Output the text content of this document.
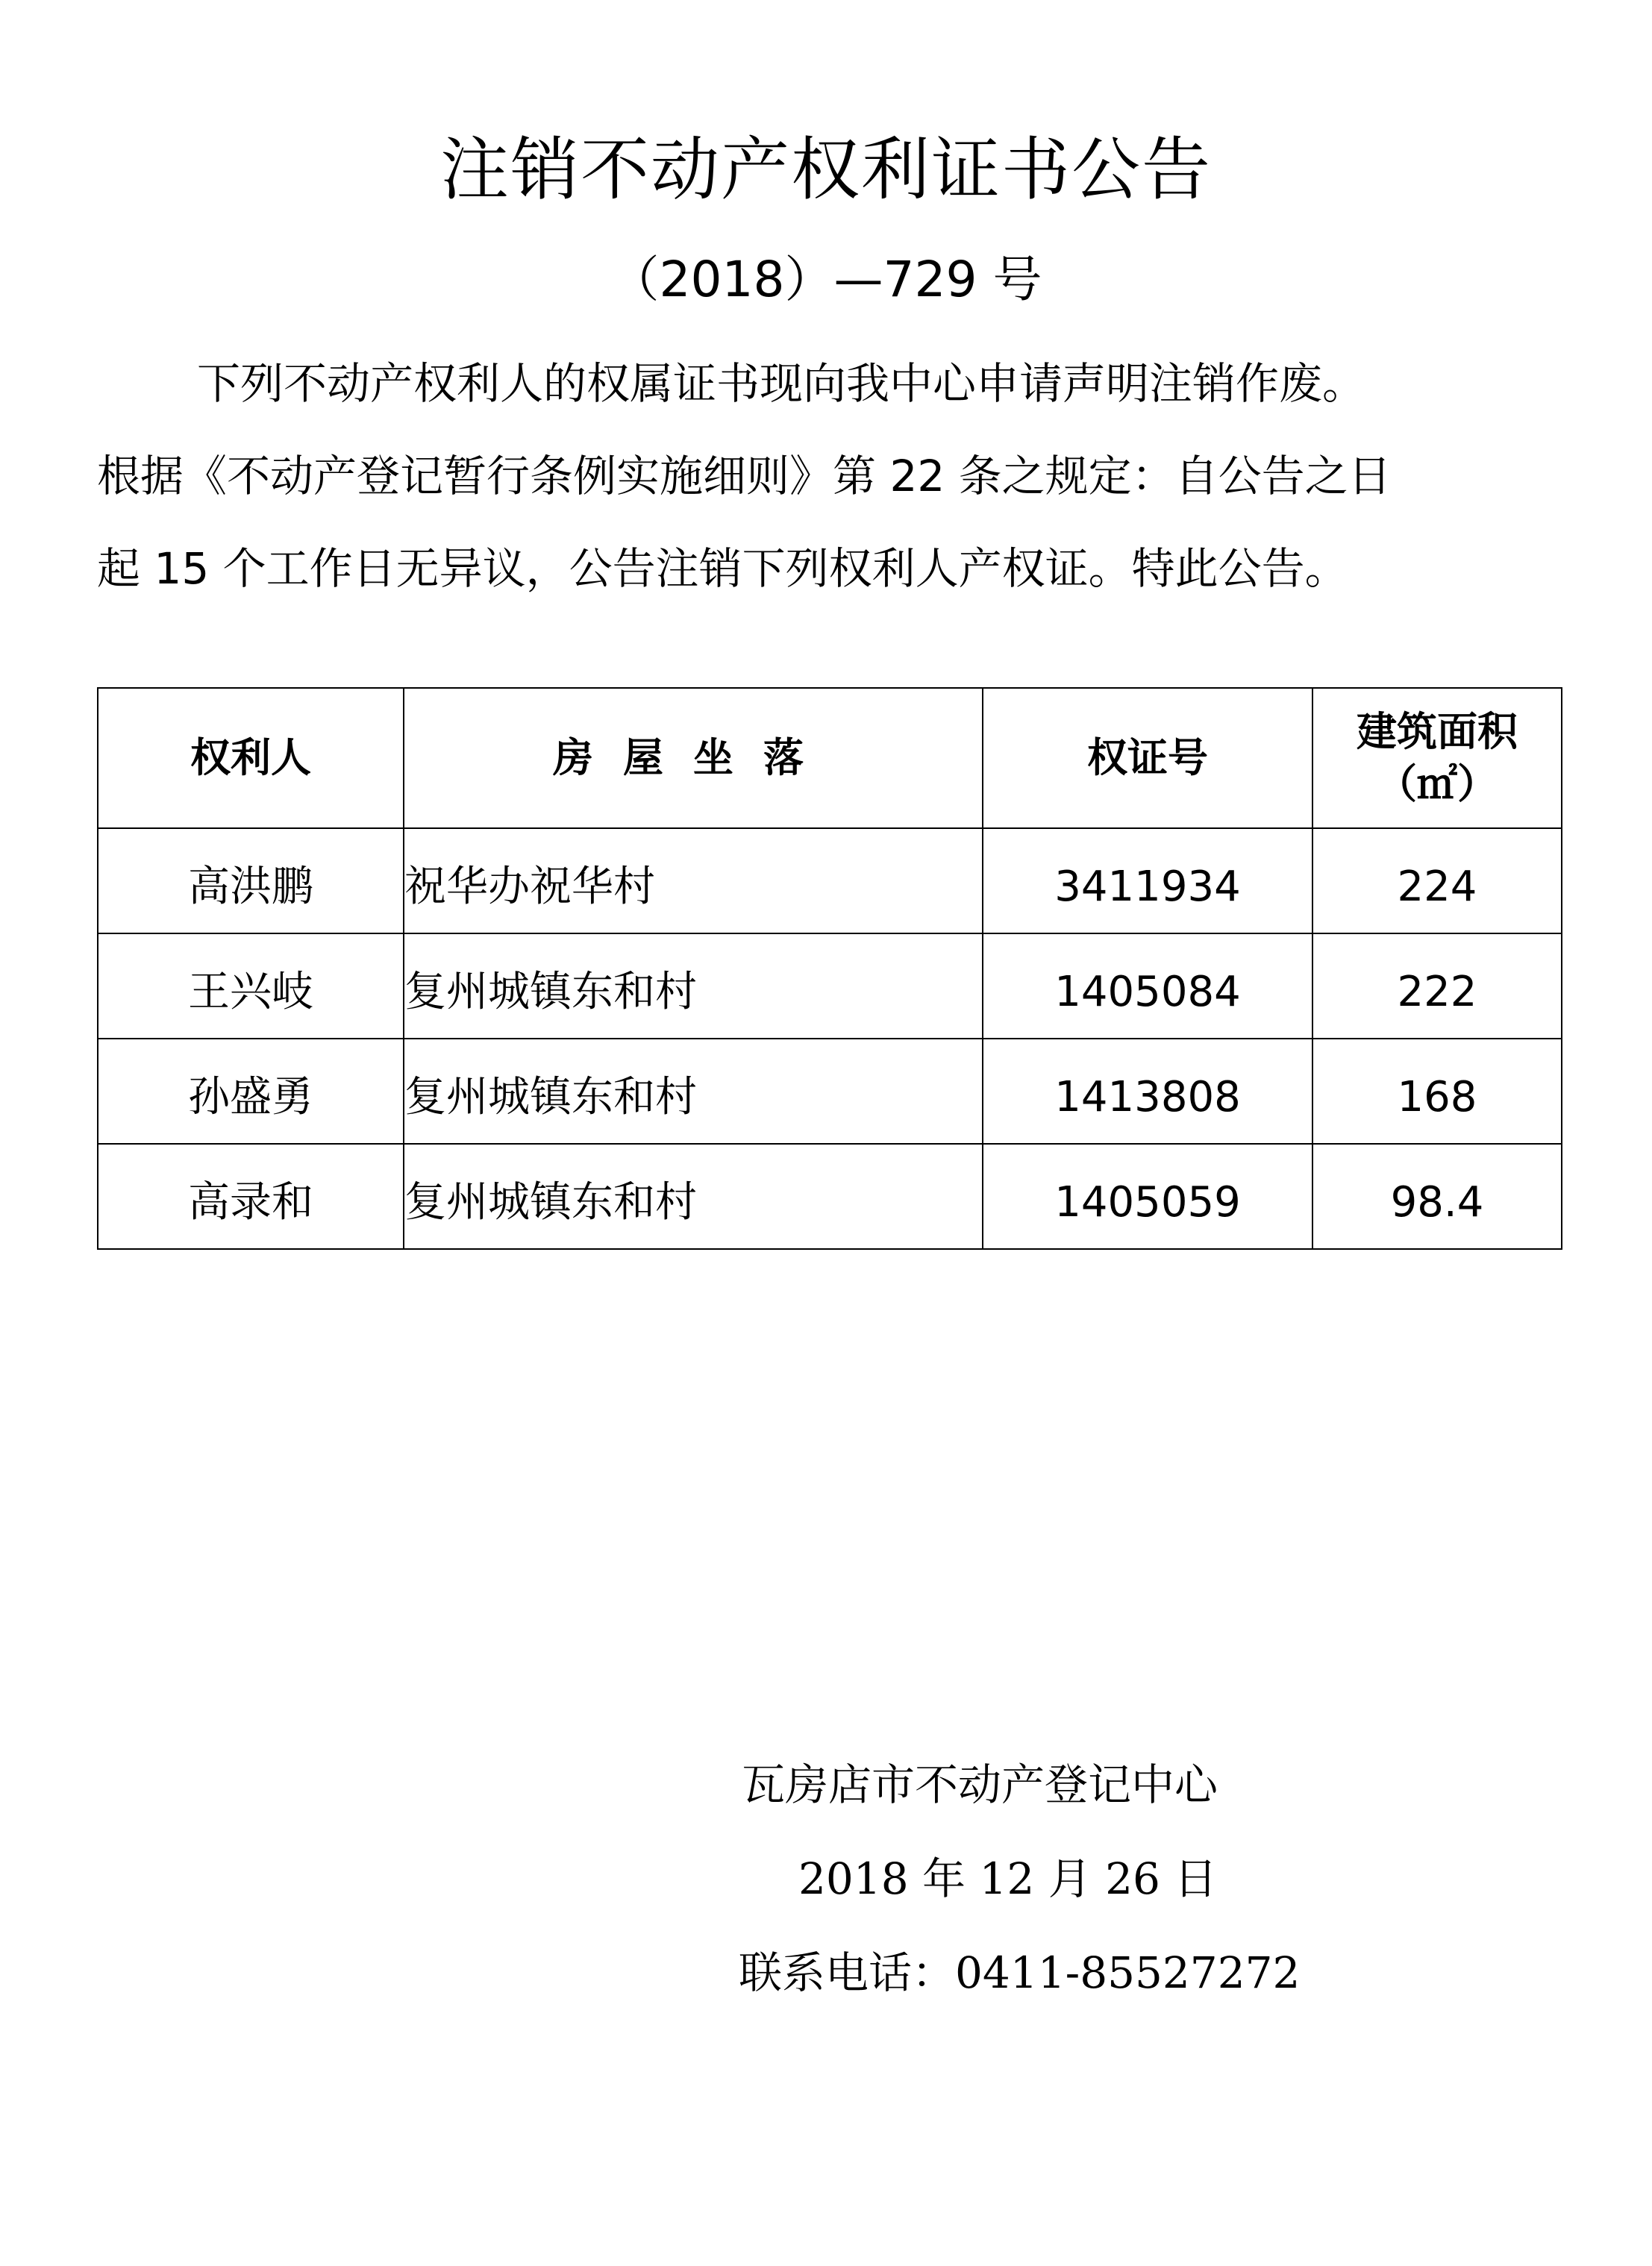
注销不动产权利证书公告
（2018）—729 号
下列不动产权利人的权属证书现向我中心申请声明注销作废。
根据《不动产登记暂行条例实施细则》第 22 条之规定：自公告之日
起 15 个工作日无异议，公告注销下列权利人产权证。特此公告。
权利人	房屋坐落	权证号	建筑面积
（㎡）

高洪鹏	祝华办祝华村	3411934	224
王兴岐	复州城镇东和村	1405084	222
孙盛勇	复州城镇东和村	1413808	168
高录和	复州城镇东和村	1405059	98.4
瓦房店市不动产登记中心
2018 年 12 月 26 日
联系电话：0411-85527272
